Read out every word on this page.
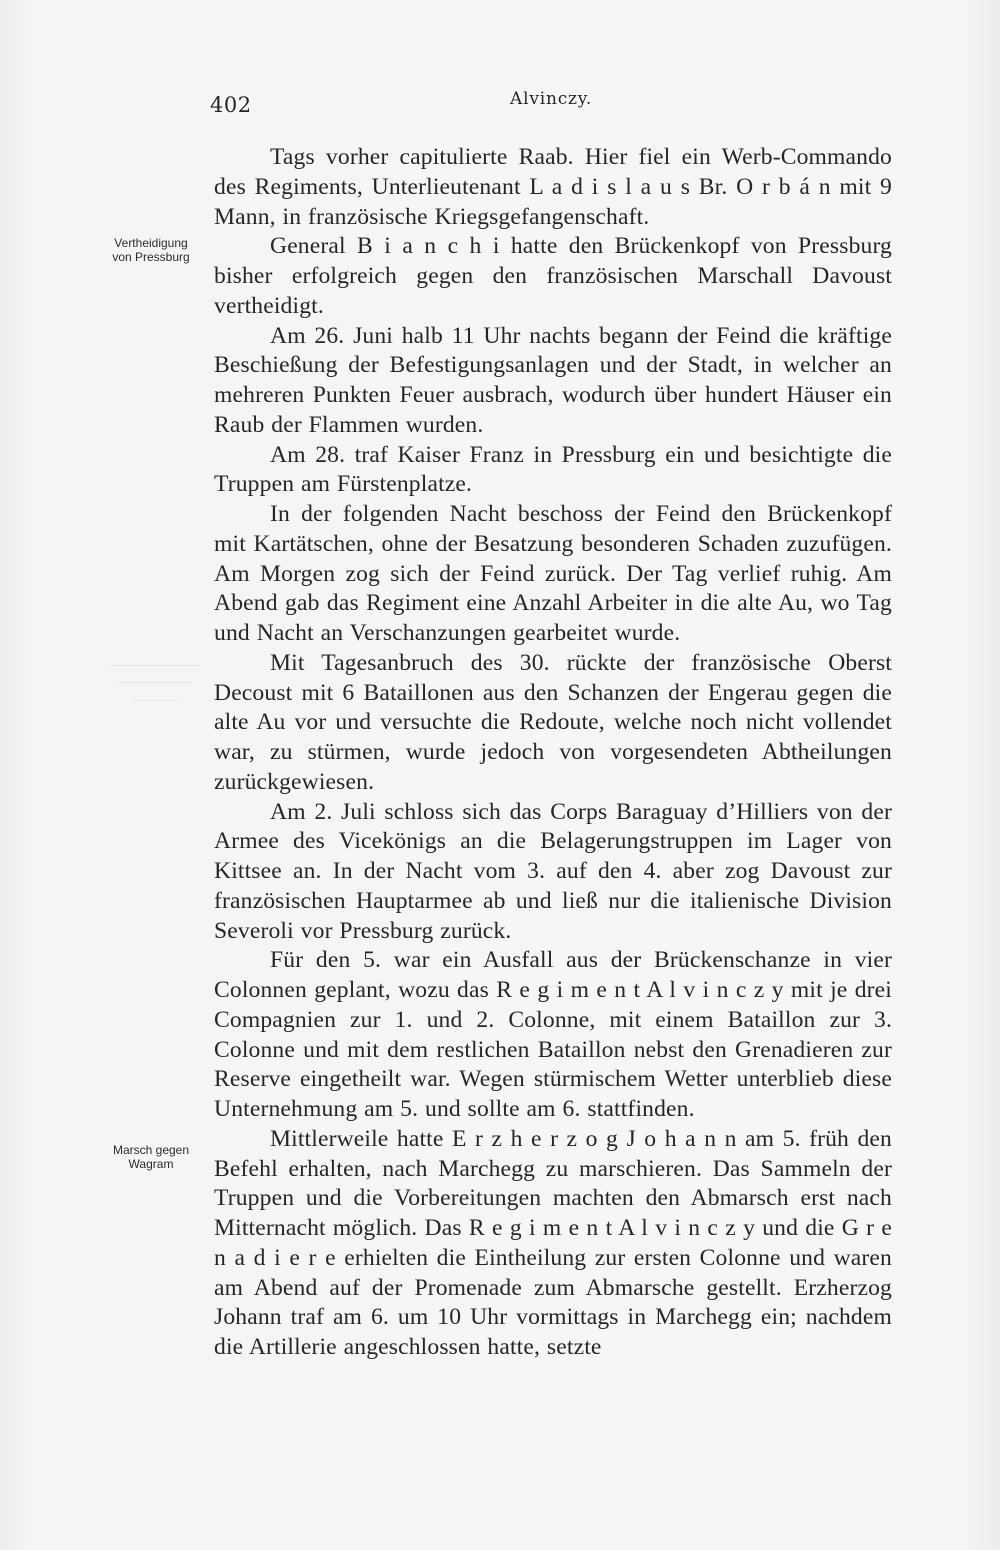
402	Alvinczy.
Vertheidigung
von Pressburg
Marsch gegen
Wagram

Tags vorher capitulierte Raab. Hier fiel ein Werb-Commando des Regiments, Unterlieutenant L a d i s l a u s Br. O r b á n mit 9 Mann, in französische Kriegsgefangenschaft.

General B i a n c h i hatte den Brückenkopf von Pressburg bisher erfolgreich gegen den französischen Marschall Davoust vertheidigt.

Am 26. Juni halb 11 Uhr nachts begann der Feind die kräftige Beschießung der Befestigungsanlagen und der Stadt, in welcher an mehreren Punkten Feuer ausbrach, wodurch über hundert Häuser ein Raub der Flammen wurden.

Am 28. traf Kaiser Franz in Pressburg ein und besichtigte die Truppen am Fürstenplatze.

In der folgenden Nacht beschoss der Feind den Brückenkopf mit Kartätschen, ohne der Besatzung besonderen Schaden zuzufügen. Am Morgen zog sich der Feind zurück. Der Tag verlief ruhig. Am Abend gab das Regiment eine Anzahl Arbeiter in die alte Au, wo Tag und Nacht an Verschanzungen gearbeitet wurde.

Mit Tagesanbruch des 30. rückte der französische Oberst Decoust mit 6 Bataillonen aus den Schanzen der Engerau gegen die alte Au vor und versuchte die Redoute, welche noch nicht vollendet war, zu stürmen, wurde jedoch von vorgesendeten Abtheilungen zurückgewiesen.

Am 2. Juli schloss sich das Corps Baraguay d’Hilliers von der Armee des Vicekönigs an die Belagerungstruppen im Lager von Kittsee an. In der Nacht vom 3. auf den 4. aber zog Davoust zur französischen Hauptarmee ab und ließ nur die italienische Division Severoli vor Pressburg zurück.

Für den 5. war ein Ausfall aus der Brückenschanze in vier Colonnen geplant, wozu das R e g i m e n t A l v i n c z y mit je drei Compagnien zur 1. und 2. Colonne, mit einem Bataillon zur 3. Colonne und mit dem restlichen Bataillon nebst den Grenadieren zur Reserve eingetheilt war. Wegen stürmischem Wetter unterblieb diese Unternehmung am 5. und sollte am 6. stattfinden.

Mittlerweile hatte E r z h e r z o g J o h a n n am 5. früh den Befehl erhalten, nach Marchegg zu marschieren. Das Sammeln der Truppen und die Vorbereitungen machten den Abmarsch erst nach Mitternacht möglich. Das R e g i m e n t A l v i n c z y und die G r e n a d i e r e erhielten die Eintheilung zur ersten Colonne und waren am Abend auf der Promenade zum Abmarsche gestellt. Erzherzog Johann traf am 6. um 10 Uhr vormittags in Marchegg ein; nachdem die Artillerie angeschlossen hatte, setzte
